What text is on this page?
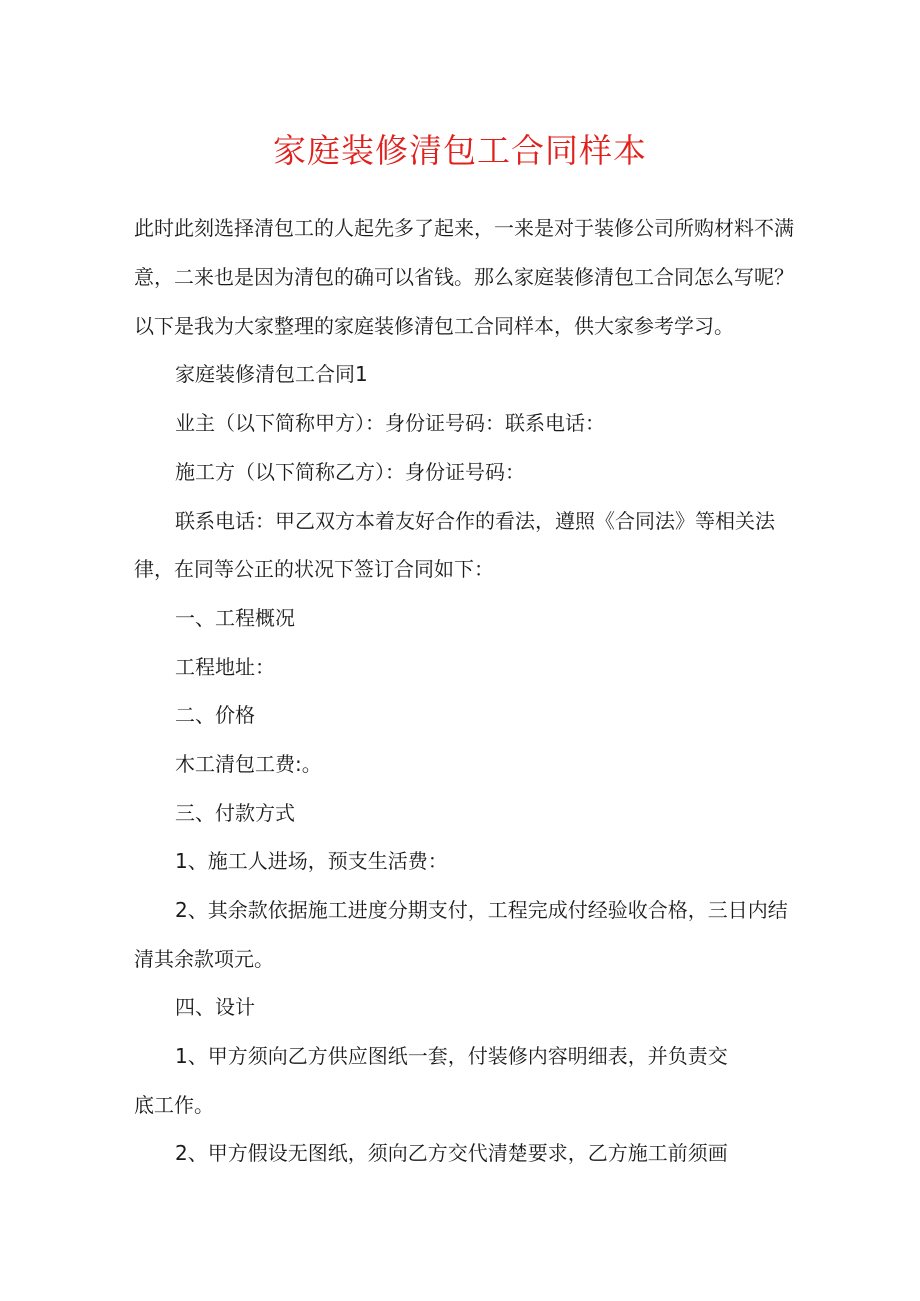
家庭装修清包工合同样本
此时此刻选择清包工的人起先多了起来，一来是对于装修公司所购材料不满
意，二来也是因为清包的确可以省钱。那么家庭装修清包工合同怎么写呢？
以下是我为大家整理的家庭装修清包工合同样本，供大家参考学习。
家庭装修清包工合同1
业主（以下简称甲方）：身份证号码：联系电话：
施工方（以下简称乙方）：身份证号码：
联系电话：甲乙双方本着友好合作的看法，遵照《合同法》等相关法
律，在同等公正的状况下签订合同如下：
一、工程概况
工程地址：
二、价格
木工清包工费:。
三、付款方式
1、施工人进场，预支生活费：
2、其余款依据施工进度分期支付，工程完成付经验收合格，三日内结
清其余款项元。
四、设计
1、甲方须向乙方供应图纸一套，付装修内容明细表，并负责交
底工作。
2、甲方假设无图纸，须向乙方交代清楚要求，乙方施工前须画
